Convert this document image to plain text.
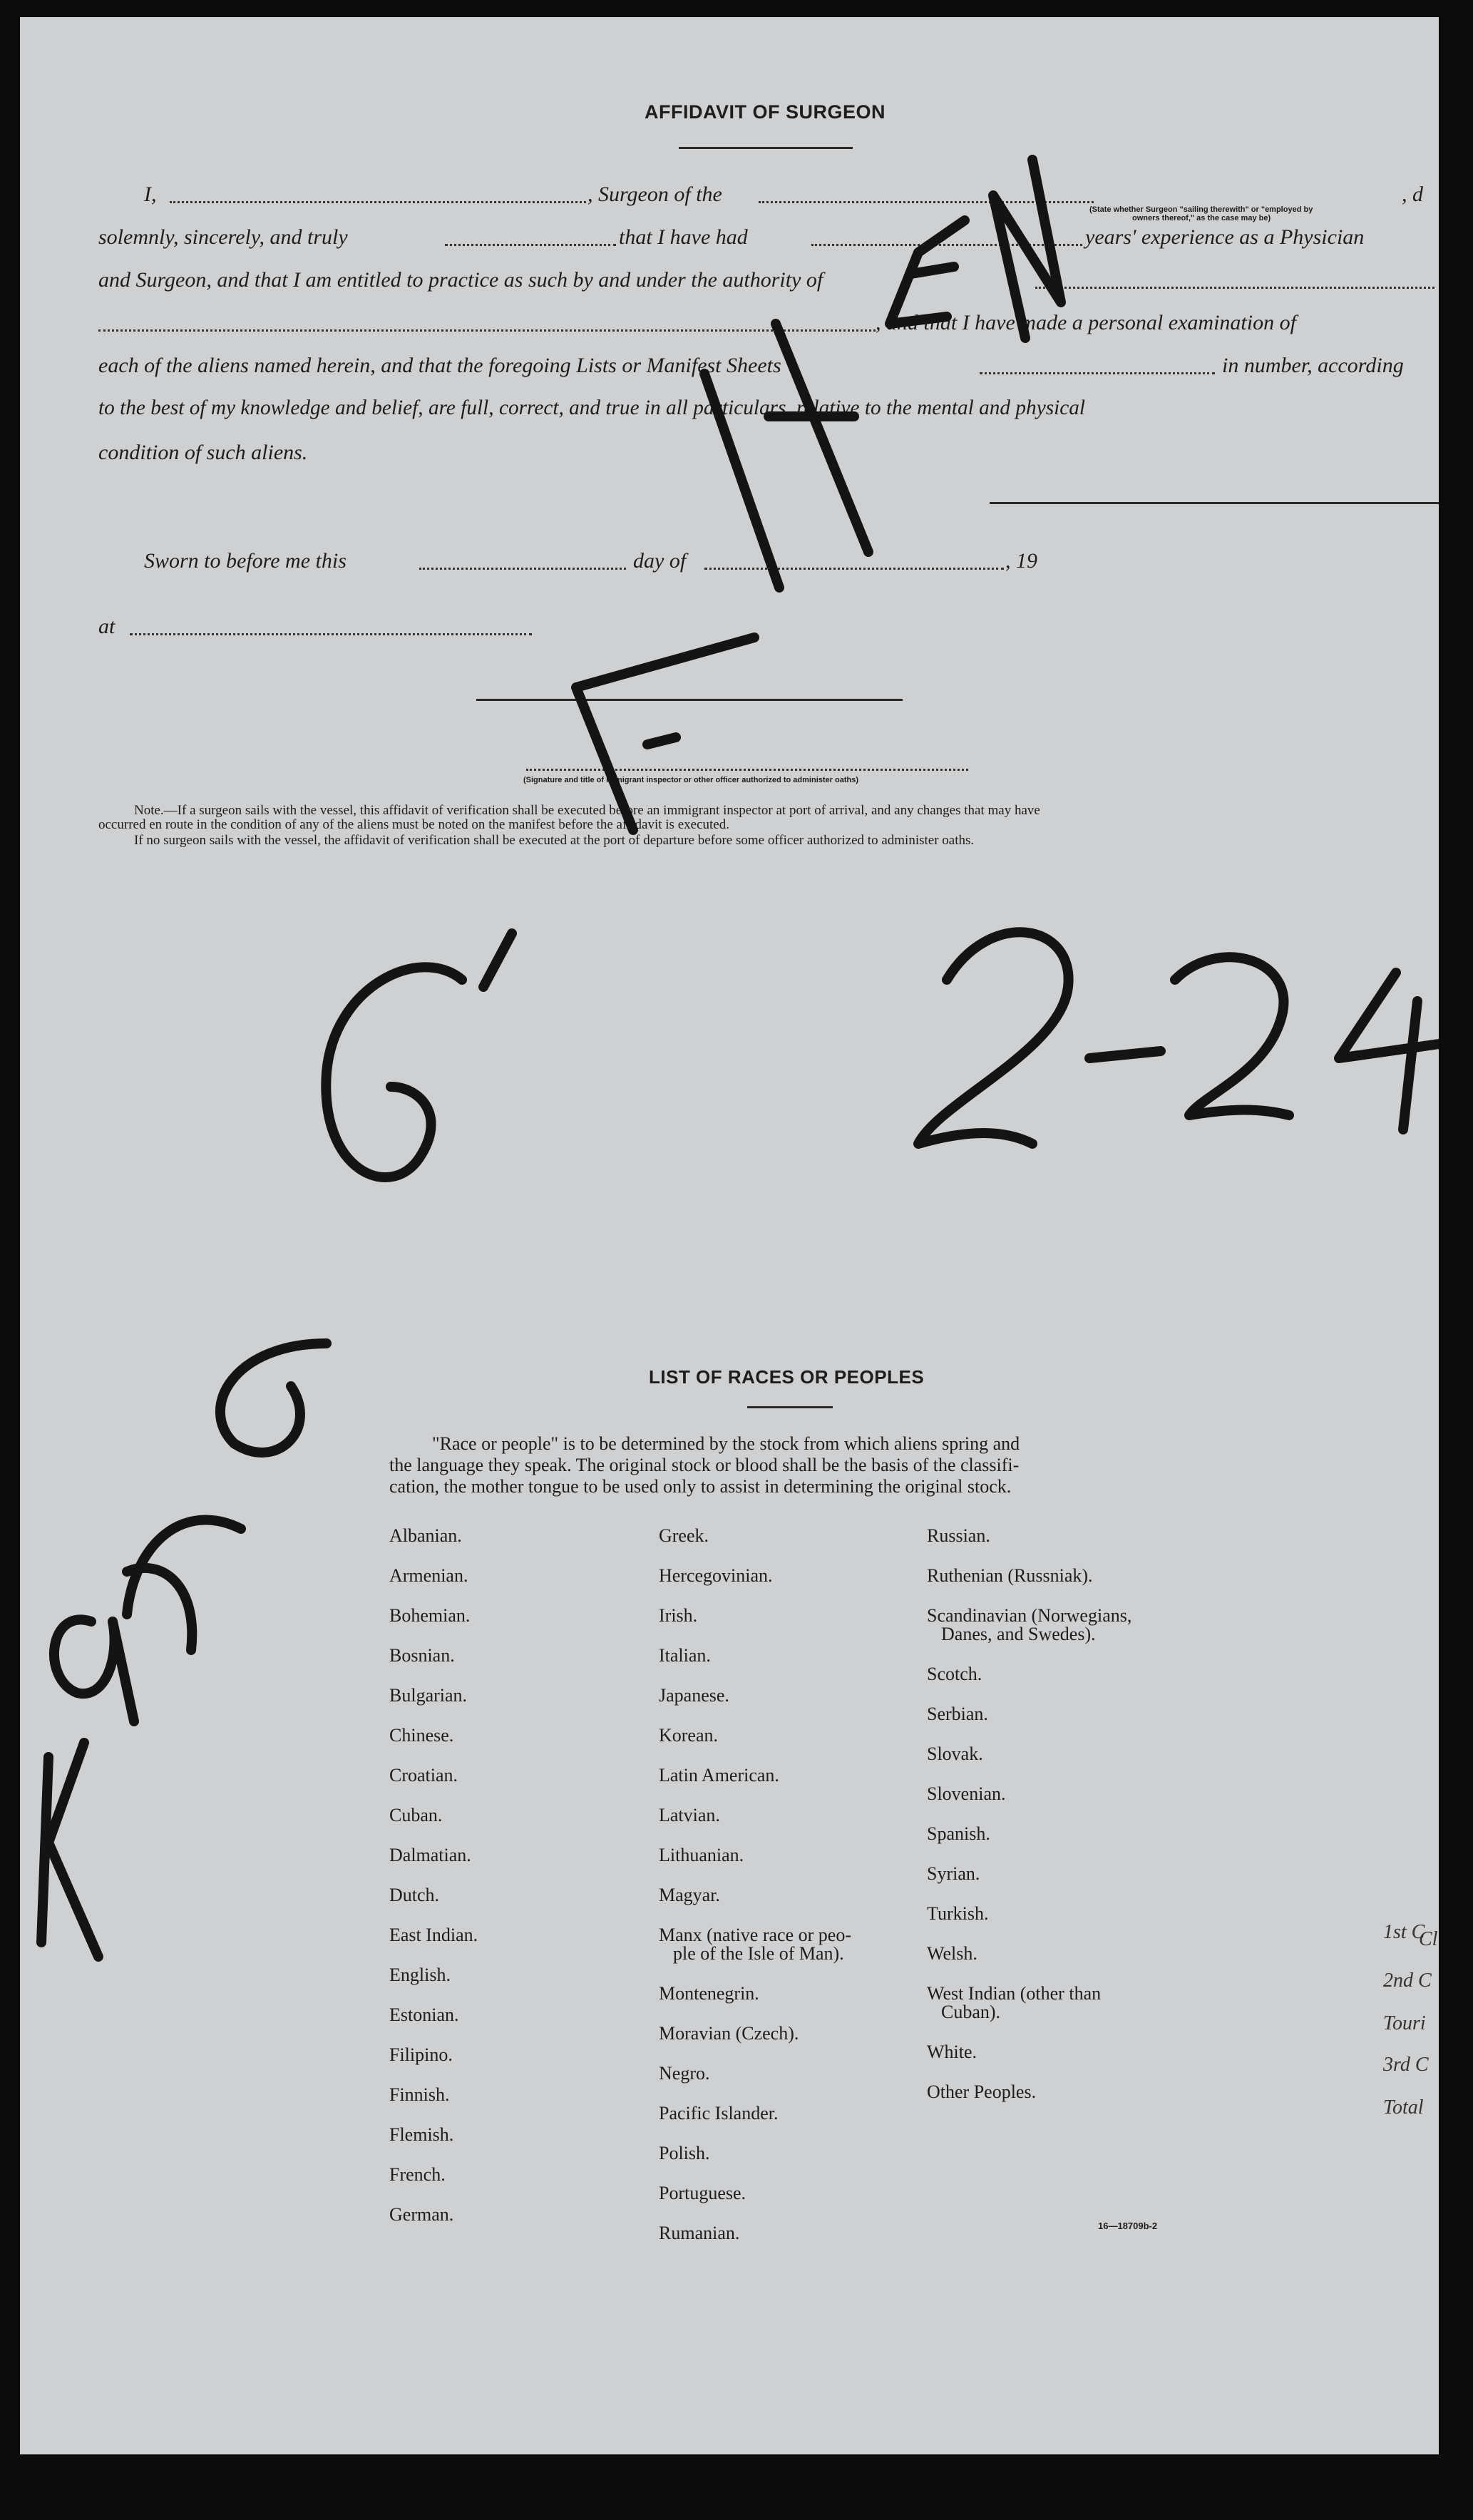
AFFIDAVIT OF SURGEON
I,	, Surgeon of the	, d
(State whether Surgeon "sailing therewith" or "employed by
owners thereof," as the case may be)
solemnly, sincerely, and truly	that I have had	years' experience as a Physician
and Surgeon, and that I am entitled to practice as such by and under the authority of
, and that I have made a personal examination of
each of the aliens named herein, and that the foregoing Lists or Manifest Sheets	in number, according
to the best of my knowledge and belief, are full, correct, and true in all particulars, relative to the mental and physical
condition of such aliens.
Sworn to before me this	day of	, 19
at
(Signature and title of Immigrant inspector or other officer authorized to administer oaths)
Note.—If a surgeon sails with the vessel, this affidavit of verification shall be executed before an immigrant inspector at port of arrival, and any changes that may have
occurred en route in the condition of any of the aliens must be noted on the manifest before the affidavit is executed.
If no surgeon sails with the vessel, the affidavit of verification shall be executed at the port of departure before some officer authorized to administer oaths.
LIST OF RACES OR PEOPLES
"Race or people" is to be determined by the stock from which aliens spring and
the language they speak. The original stock or blood shall be the basis of the classifi-
cation, the mother tongue to be used only to assist in determining the original stock.
Albanian.
Armenian.
Bohemian.
Bosnian.
Bulgarian.
Chinese.
Croatian.
Cuban.
Dalmatian.
Dutch.
East Indian.
English.
Estonian.
Filipino.
Finnish.
Flemish.
French.
German.
Greek.
Hercegovinian.
Irish.
Italian.
Japanese.
Korean.
Latin American.
Latvian.
Lithuanian.
Magyar.
Manx (native race or peo-
ple of the Isle of Man).
Montenegrin.
Moravian (Czech).
Negro.
Pacific Islander.
Polish.
Portuguese.
Rumanian.
Russian.
Ruthenian (Russniak).
Scandinavian (Norwegians,
Danes, and Swedes).
Scotch.
Serbian.
Slovak.
Slovenian.
Spanish.
Syrian.
Turkish.
Welsh.
West Indian (other than
Cuban).
White.
Other Peoples.
16—18709b-2
1st C
Cl
2nd C
Touri
3rd C
Total
